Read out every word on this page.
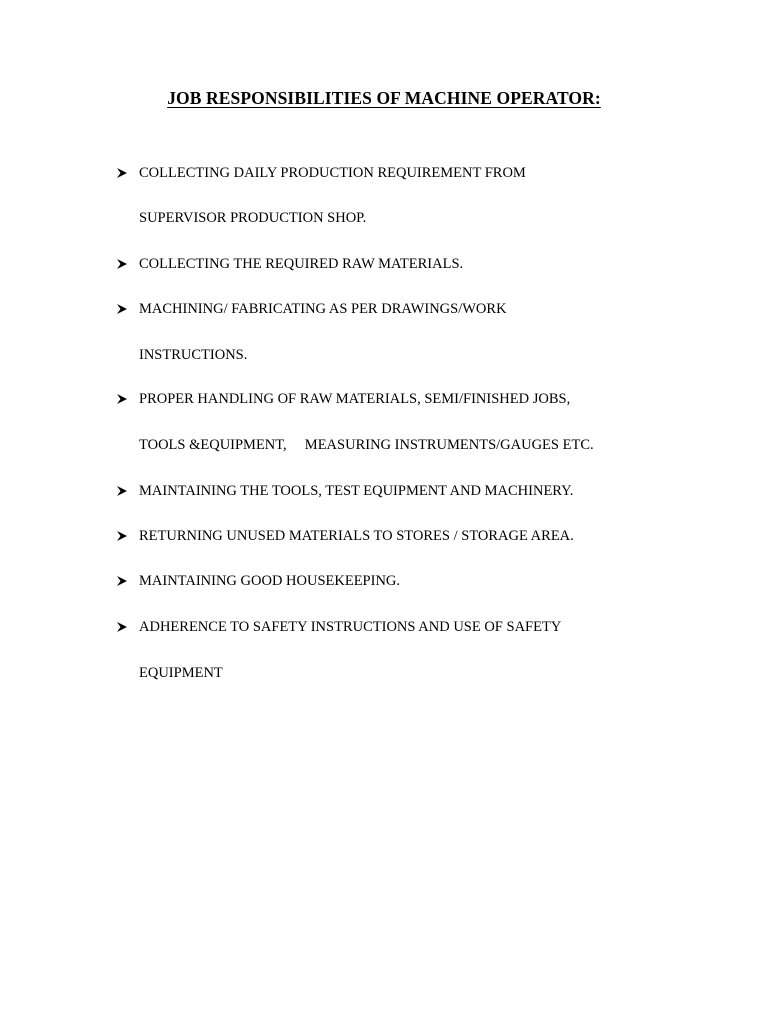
JOB RESPONSIBILITIES OF MACHINE OPERATOR:
COLLECTING DAILY PRODUCTION REQUIREMENT FROM
SUPERVISOR PRODUCTION SHOP.
COLLECTING THE REQUIRED RAW MATERIALS.
MACHINING/ FABRICATING AS PER DRAWINGS/WORK
INSTRUCTIONS.
PROPER HANDLING OF RAW MATERIALS, SEMI/FINISHED JOBS,
TOOLS &EQUIPMENT,     MEASURING INSTRUMENTS/GAUGES ETC.
MAINTAINING THE TOOLS, TEST EQUIPMENT AND MACHINERY.
RETURNING UNUSED MATERIALS TO STORES / STORAGE AREA.
MAINTAINING GOOD HOUSEKEEPING.
ADHERENCE TO SAFETY INSTRUCTIONS AND USE OF SAFETY
EQUIPMENT
